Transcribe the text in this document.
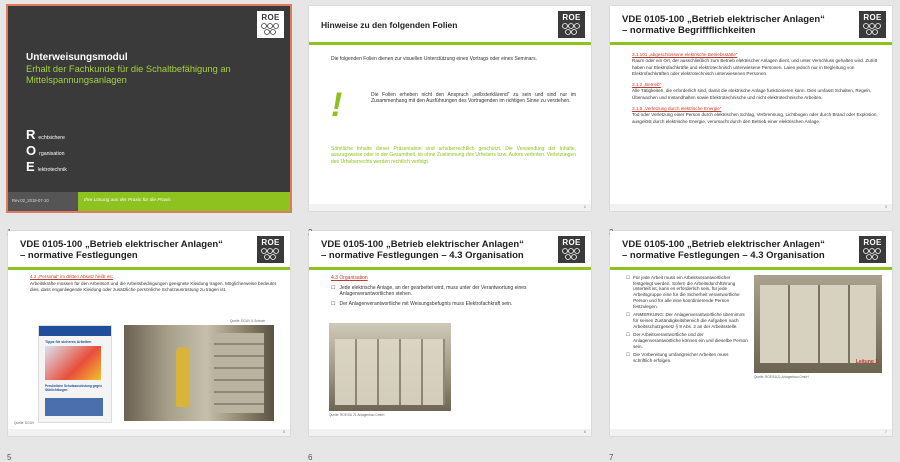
ROE
Unterweisungsmodul
Erhalt der Fachkunde für die Schaltbefähigung an Mittelspannungsanlagen
Rechtsichere
Organisation
Elektrotechnik
Rev.02_2019-07-10	Ihre Lösung aus der Praxis für die Praxis
ROE
Hinweise zu den folgenden Folien
Die folgenden Folien dienen zur visuellen Unterstützung eines Vortrags oder eines Seminars.
!	Die Folien erheben nicht den Anspruch „selbsterklärend“ zu sein und sind nur im Zusammenhang mit den Ausführungen des Vortragenden im richtigen Sinne zu verstehen.
Sämtliche Inhalte dieser Präsentation sind urheberrechtlich geschützt. Die Verwendung der Inhalte, auszugsweise oder in der Gesamtheit, ist ohne Zustimmung des Urhebers bzw. Autors verboten. Verletzungen des Urheberrechts werden rechtlich verfolgt.
2
ROE
VDE 0105-100 „Betrieb elektrischer Anlagen“
– normative Begriffflichkeiten
3.1.101 „abgeschlossene elektrische Betriebsstätte“
Raum oder ein Ort, der ausschließlich zum Betrieb elektrischer Anlagen dient, und unter Verschluss gehalten wird. Zutritt haben nur Elektrofachkräfte und elektrotechnisch unterwiesene Personen. Laien jedoch nur in Begleitung von Elektrofachkräften oder elektrotechnisch unterwiesenen Personen.
3.1.2 „Betrieb“
Alle Tätigkeiten, die erforderlich sind, damit die elektrische Anlage funktionieren kann. Dies umfasst Schalten, Regeln, Überwachen und Instandhalten sowie Elektrotechnische und nicht elektrotechnische Arbeiten.
3.1.6 „Verletzung durch elektrische Energie“
Tod oder Verletzung einer Person durch elektrischen Schlag, Verbrennung, Lichtbogen oder durch Brand oder Explosion, ausgelöst durch elektrische Energie, verursacht durch den Betrieb einer elektrischen Anlage.
3
ROE
VDE 0105-100 „Betrieb elektrischer Anlagen“
– normative Festlegungen
4.2 „Personal“ im dritten Absatz heißt es:
Arbeitskräfte müssen für den Arbeitsort und die Arbeitsbedingungen geeignete Kleidung tragen. Möglicherweise bedeutet dies, dass enganliegende Kleidung oder zusätzliche persönliche Schutzausrüstung zu tragen ist.
Quelle: DGUV & Schroer
Tipps für sicheres Arbeiten
Persönliche Schutzausrüstung gegen Störlichtbogen
Quelle: DGUV
5
5
ROE
VDE 0105-100 „Betrieb elektrischer Anlagen“
– normative Festlegungen – 4.3 Organisation
4.3 Organisation
☐ Jede elektrische Anlage, an der gearbeitet wird, muss unter der Verantwortung eines Anlagenverantwortlichen stehen.
☐ Der Anlagenverantwortliche mit Weisungsbefugnis muss Elektrofachkraft sein.
Quelle: ROE/SU 21 Anlagenbau GmbH
6
6
ROE
VDE 0105-100 „Betrieb elektrischer Anlagen“
– normative Festlegungen – 4.3 Organisation
☐ Für jede Arbeit muss ein Arbeitsverantwortlicher festgelegt werden. Sofern die Arbeitsdurchführung unterteilt ist, kann es erforderlich sein, für jede Arbeitsgruppe eine für die Sicherheit verantwortliche Person und für alle eine koordinierende Person festzulegen.
☐ ANMERKUNG: Der Anlagenverantwortliche übernimmt für seinen Zuständigkeitsbereich die Aufgaben nach Arbeitsschutzgesetz § 8 Abs. 2 an der Arbeitsstelle.
☐ Der Arbeitsverantwortliche und der Anlagenverantwortliche können ein und dieselbe Person sein.
☐ Die Vorbereitung umfangreicher Arbeiten muss schriftlich erfolgen.	Leitung 1
Quelle: ROE/SU21 Anlagenbau GmbH
7
7
